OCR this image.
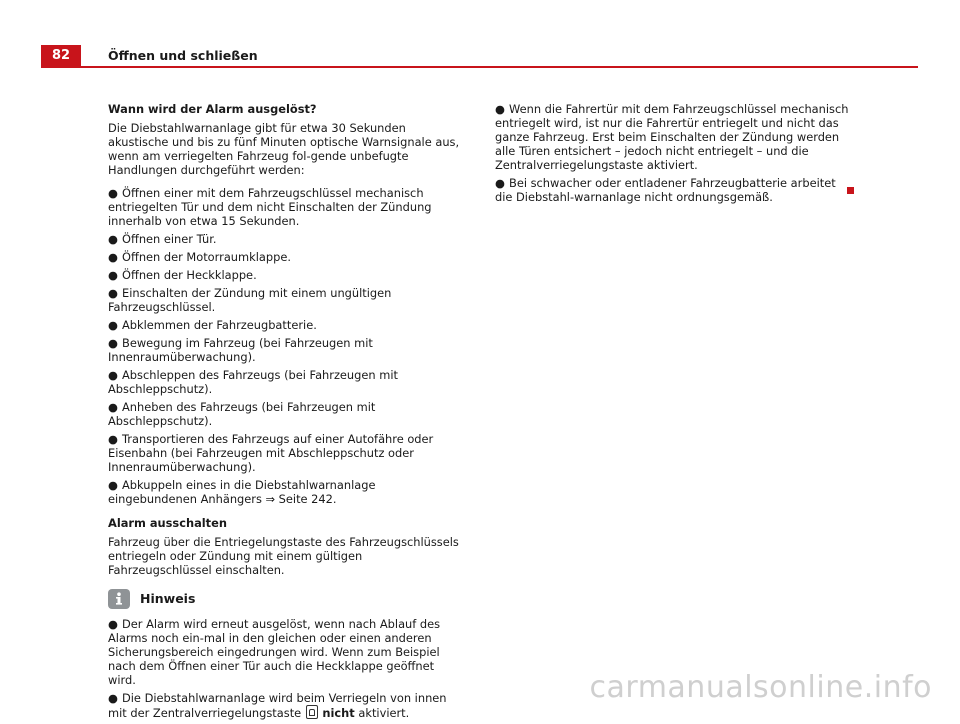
82	Öffnen und schließen

Wann wird der Alarm ausgelöst?

Die Diebstahlwarnanlage gibt für etwa 30 Sekunden akustische und bis zu fünf Minuten optische Warnsignale aus, wenn am verriegelten Fahrzeug fol-gende unbefugte Handlungen durchgeführt werden:

● Öffnen einer mit dem Fahrzeugschlüssel mechanisch entriegelten Tür und dem nicht Einschalten der Zündung innerhalb von etwa 15 Sekunden.

● Öffnen einer Tür.

● Öffnen der Motorraumklappe.

● Öffnen der Heckklappe.

● Einschalten der Zündung mit einem ungültigen Fahrzeugschlüssel.

● Abklemmen der Fahrzeugbatterie.

● Bewegung im Fahrzeug (bei Fahrzeugen mit Innenraumüberwachung).

● Abschleppen des Fahrzeugs (bei Fahrzeugen mit Abschleppschutz).

● Anheben des Fahrzeugs (bei Fahrzeugen mit Abschleppschutz).

● Transportieren des Fahrzeugs auf einer Autofähre oder Eisenbahn (bei Fahrzeugen mit Abschleppschutz oder Innenraumüberwachung).

● Abkuppeln eines in die Diebstahlwarnanlage eingebundenen Anhängers ⇒ Seite 242.

Alarm ausschalten

Fahrzeug über die Entriegelungstaste des Fahrzeugschlüssels entriegeln oder Zündung mit einem gültigen Fahrzeugschlüssel einschalten.

Hinweis

● Der Alarm wird erneut ausgelöst, wenn nach Ablauf des Alarms noch ein-mal in den gleichen oder einen anderen Sicherungsbereich eingedrungen wird. Wenn zum Beispiel nach dem Öffnen einer Tür auch die Heckklappe geöffnet wird.

● Die Diebstahlwarnanlage wird beim Verriegeln von innen mit der Zentralverriegelungstaste nicht aktiviert.

● Wenn die Fahrertür mit dem Fahrzeugschlüssel mechanisch entriegelt wird, ist nur die Fahrertür entriegelt und nicht das ganze Fahrzeug. Erst beim Einschalten der Zündung werden alle Türen entsichert – jedoch nicht entriegelt – und die Zentralverriegelungstaste aktiviert.

● Bei schwacher oder entladener Fahrzeugbatterie arbeitet die Diebstahl-warnanlage nicht ordnungsgemäß.

carmanualsonline.info
